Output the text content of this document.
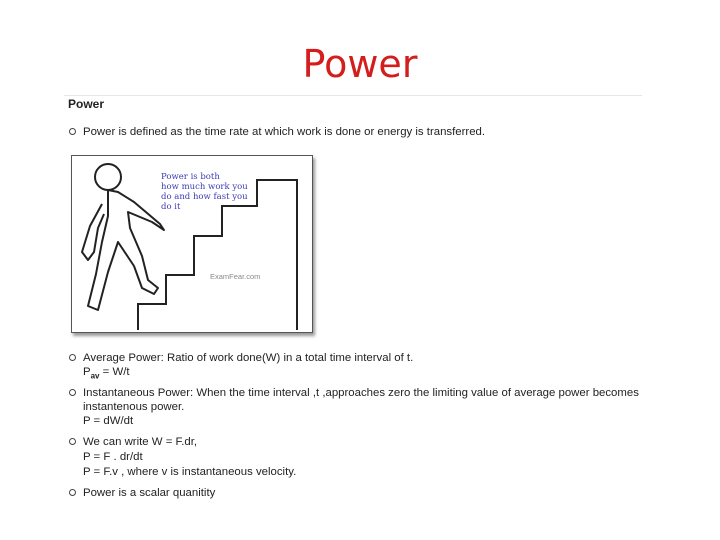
Power
Power
Power is defined as the time rate at which work is done or energy is transferred.
Power is both
how much work you
do and how fast you
do it
ExamFear.com
Average Power: Ratio of work done(W) in a total time interval of t.
$P_{av} = W/t$
Instantaneous Power: When the time interval ,t ,approaches zero the limiting value of average power becomes
instantenous power.
P = dW/dt
We can write W = F.dr,
P = F . dr/dt
P = F.v , where v is instantaneous velocity.
Power is a scalar quanitity
